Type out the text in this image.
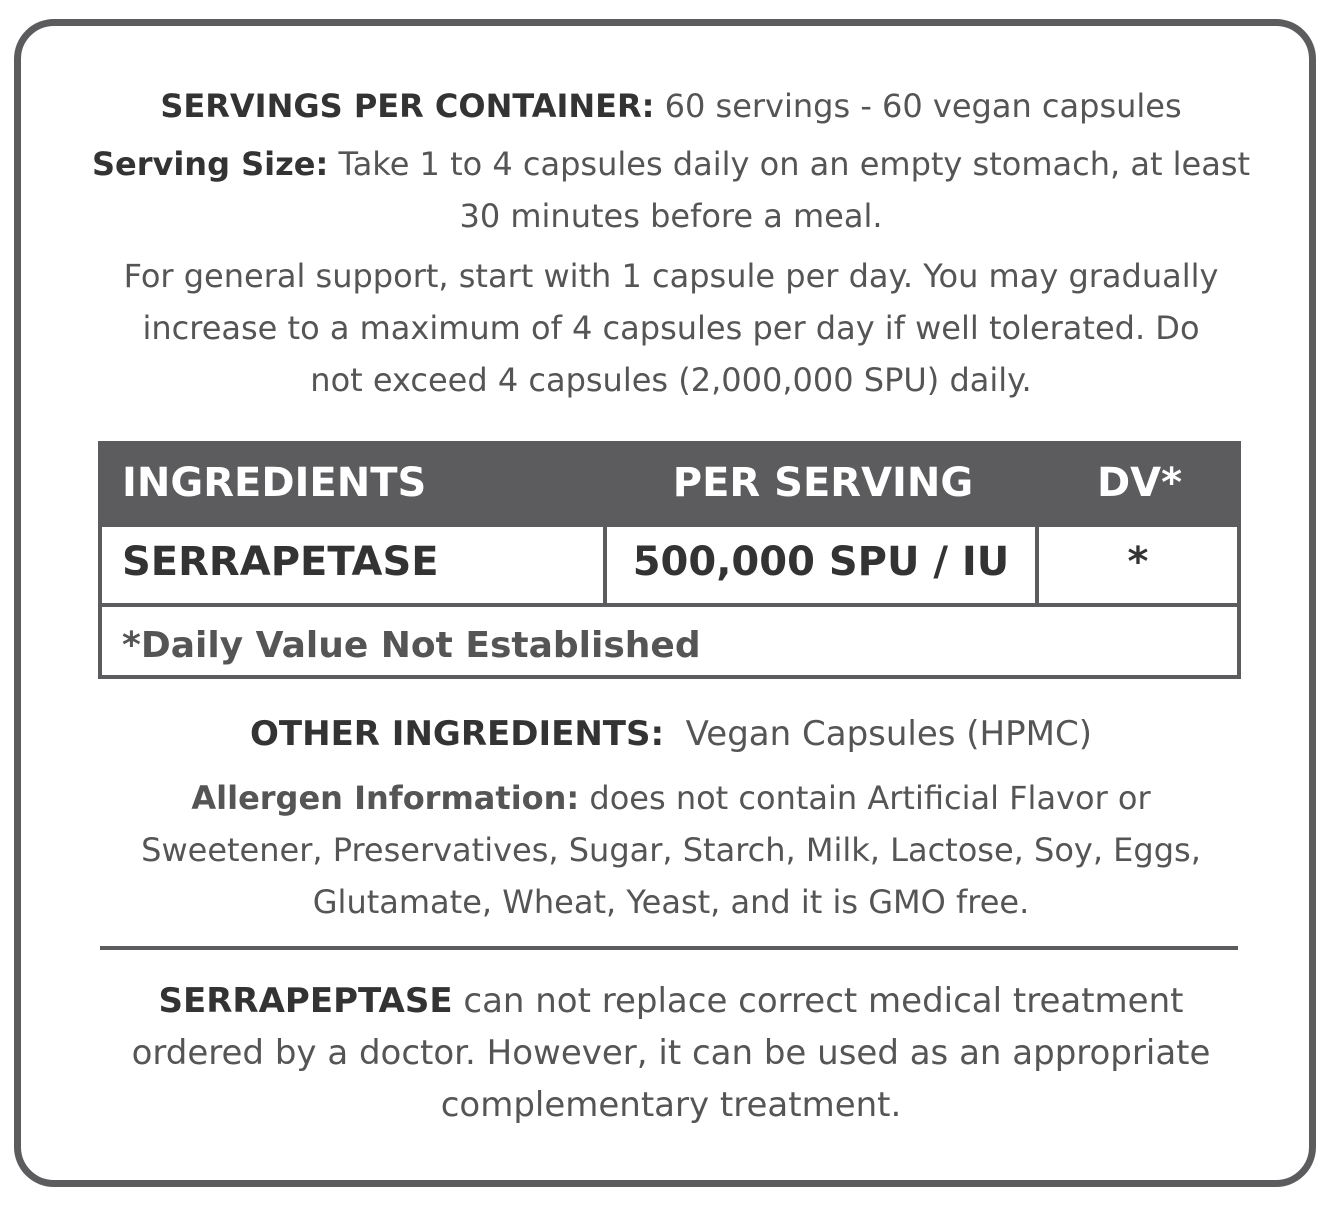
SERVINGS PER CONTAINER: 60 servings - 60 vegan capsules

Serving Size: Take 1 to 4 capsules daily on an empty stomach, at least 30 minutes before a meal.

For general support, start with 1 capsule per day. You may gradually increase to a maximum of 4 capsules per day if well tolerated. Do not exceed 4 capsules (2,000,000 SPU) daily.

INGREDIENTS	PER SERVING	DV*
SERRAPETASE	500,000 SPU / IU	*
*Daily Value Not Established

OTHER INGREDIENTS:  Vegan Capsules (HPMC)

Allergen Information: does not contain Artificial Flavor or Sweetener, Preservatives, Sugar, Starch, Milk, Lactose, Soy, Eggs, Glutamate, Wheat, Yeast, and it is GMO free.

SERRAPEPTASE can not replace correct medical treatment ordered by a doctor. However, it can be used as an appropriate complementary treatment.
